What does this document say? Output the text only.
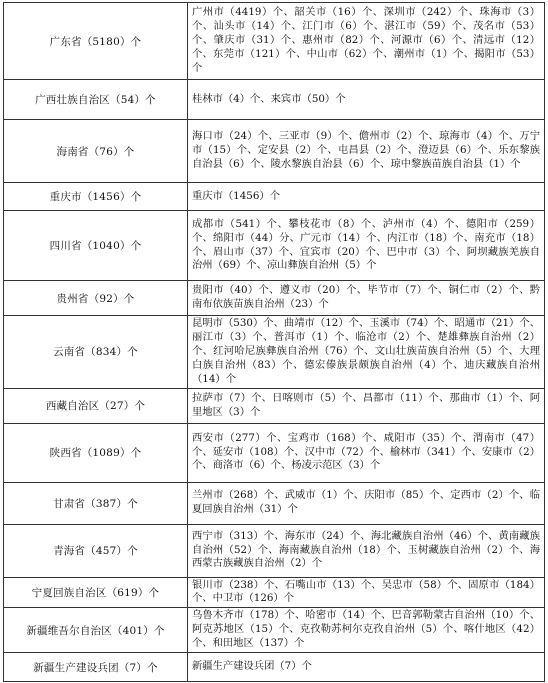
广东省（5180）个	广州市（4419）个、韶关市（16）个、深圳市（242）个、珠海市（3）个、汕头市（14）个、江门市（6）个、湛江市（59）个、茂名市（53）个、肇庆市（31）个、惠州市（82）个、河源市（6）个、清远市（12）个、东莞市（121）个、中山市（62）个、潮州市（1）个、揭阳市（53）个
广西壮族自治区（54）个	桂林市（4）个、来宾市（50）个
海南省（76）个	海口市（24）个、三亚市（9）个、儋州市（2）个、琼海市（4）个、万宁市（15）个、定安县（2）个、屯昌县（2）个、澄迈县（6）个、乐东黎族自治县（6）个、陵水黎族自治县（6）个、琼中黎族苗族自治县（1）个
重庆市（1456）个	重庆市（1456）个
四川省（1040）个	成都市（541）个、攀枝花市（8）个、泸州市（4）个、德阳市（259）个、绵阳市（44）分、广元市（14）个、内江市（18）个、南充市（18）个、眉山市（37）个、宜宾市（20）个、巴中市（3）个、阿坝藏族羌族自治州（69）个、凉山彝族自治州（5）个
贵州省（92）个	贵阳市（40）个、遵义市（20）个、毕节市（7）个、铜仁市（2）个、黔南布依族苗族自治州（23）个
云南省（834）个	昆明市（530）个、曲靖市（12）个、玉溪市（74）个、昭通市（21）个、丽江市（3）个、普洱市（1）个、临沧市（2）个、楚雄彝族自治州（2）个、红河哈尼族彝族自治州（76）个、文山壮族苗族自治州（5）个、大理白族自治州（83）个、德宏傣族景颇族自治州（4）个、迪庆藏族自治州（14）个
西藏自治区（27）个	拉萨市（7）个、日喀则市（5）个、昌都市（11）个、那曲市（1）个、阿里地区（3）个
陕西省（1089）个	西安市（277）个、宝鸡市（168）个、咸阳市（35）个、渭南市（47）个、延安市（108）个、汉中市（72）个、榆林市（341）个、安康市（2）个、商洛市（6）个、杨凌示范区（3）个
甘肃省（387）个	兰州市（268）个、武威市（1）个、庆阳市（85）个、定西市（2）个、临夏回族自治州（31）个
青海省（457）个	西宁市（313）个、海东市（24）个、海北藏族自治州（46）个、黄南藏族自治州（52）个、海南藏族自治州（18）个、玉树藏族自治州（2）个、海西蒙古族藏族自治州（2）个
宁夏回族自治区（619）个	银川市（238）个、石嘴山市（13）个、吴忠市（58）个、固原市（184）个、中卫市（126）个
新疆维吾尔自治区（401）个	乌鲁木齐市（178）个、哈密市（14）个、巴音郭勒蒙古自治州（10）个、阿克苏地区（15）个、克孜勒苏柯尔克孜自治州（5）个、喀什地区（42）个、和田地区（137）个
新疆生产建设兵团（7）个	新疆生产建设兵团（7）个
